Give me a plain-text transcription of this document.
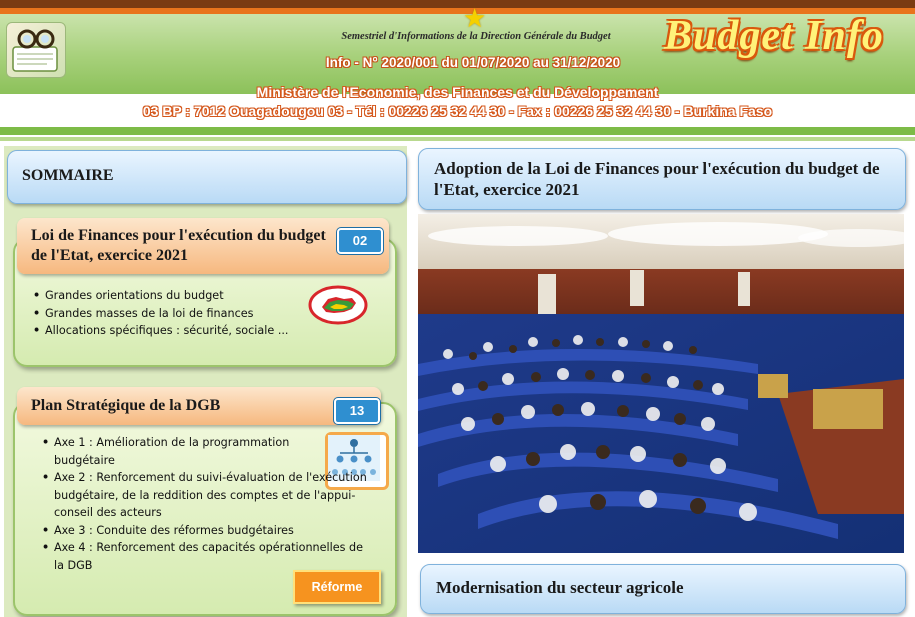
★
Semestriel d'Informations de la Direction Générale du Budget	Budget Info
Info - N° 2020/001 du 01/07/2020 au 31/12/2020
Ministère de l'Economie, des Finances et du Développement
03 BP : 7012 Ouagadougou 03 - Tél : 00226 25 32 44 30 - Fax : 00226 25 32 44 30 - Burkina Faso
SOMMAIRE
Loi de Finances pour l'exécution du budget de l'Etat, exercice 2021
02
• Grandes orientations du budget
• Grandes masses de la loi de finances
• Allocations spécifiques : sécurité, sociale ...
Plan Stratégique de la DGB	13
• Axe 1 : Amélioration de la programmation budgétaire
• Axe 2 : Renforcement du suivi-évaluation de l'exécution budgétaire, de la reddition des comptes et de l'appui-conseil des acteurs
• Axe 3 : Conduite des réformes budgétaires
• Axe 4 : Renforcement des capacités opérationnelles de la DGB
Réforme
Adoption de la Loi de Finances pour l'exécution du budget de l'Etat, exercice 2021
Modernisation du secteur agricole
